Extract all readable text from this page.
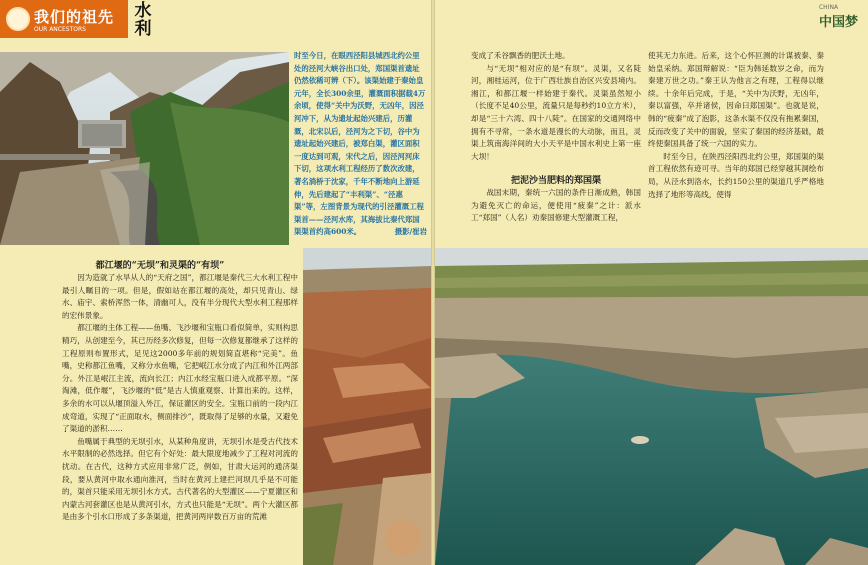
我们的祖先
OUR ANCESTORS
水利
时至今日，在眼西泾阳县城西北约公里处的泾河大峡谷出口处，郑国渠首遗址仍然依稀可辨（下）。该渠始建于秦始皇元年，全长300余里，灌溉面积据载4万余顷，使得“关中为沃野，无凶年，因泾河冲下，从为遗址起始兴建后，历灌溉，北宋以后，泾河为之下切，谷中为遗址起始兴建后，被郑白渠，灌区面积一度达到可观，宋代之后，因泾河河床下切，这项水利工程经历了数次改建，著名淌桥于沈家，千年不断地向上游延伸，先后建起了“丰利渠”、“泾惠渠”等，左图背景为现代的引泾灌溉工程渠首——泾河水库，其海拔比秦代郑国渠渠首约高600米。	摄影/崔岩
都江堰的“无坝”和灵渠的“有坝”

因为造就了水旱从人的“天府之国”，都江堰是秦代三大水利工程中最引人瞩目的一项。但是，假如站在都江堰的高处，却只见青山、绿水、庙宇、索桥浑然一体，清幽可人，没有半分现代大型水利工程那样的宏伟景象。

都江堰的主体工程——鱼嘴、飞沙堰和宝瓶口看似简单，实则构思精巧，从创建至今，其已历经多次修复，但每一次修复都继承了这样的工程原则布置形式，足见这2000多年前的规划简直堪称“完美”。鱼嘴，史称都江鱼嘴，又称分水鱼嘴，它把岷江水分成了内江和外江两部分。外江是岷江主流，流向长江；内江水经宝瓶口进入成都平原。“深淘滩，低作堰”，飞沙堰的“低”是古人慎重观察、计算出来的。这样，多余的水可以从堰顶溢入外江，保证灌区的安全。宝瓶口前的一段内江成弯道，实现了“正面取水，侧面排沙”，既取得了足够的水量，又避免了渠道的淤积……

鱼嘴属于典型的无坝引水，从某种角度讲，无坝引水是受古代技术水平限制的必然选择。但它有个好处：最大限度地减少了工程对河流的扰动。在古代，这种方式应用非常广泛，例如，甘肃大运河的通济渠段，要从黄河中取水通向淮河，当时在黄河上建拦河坝几乎是不可能的，渠首只能采用无坝引水方式。古代著名的大型灌区——宁夏灌区和内蒙古河套灌区也是从黄河引水，方式也只能是“无坝”。两个大灌区都是由多个引水口形成了多条渠道，把黄河两岸数百万亩的荒滩

CHINA
中国梦

变成了禾谷飘香的肥沃土地。

与“无坝”相对应的是“有坝”。灵渠，又名陡河，湘桂运河，位于广西壮族自治区兴安县境内。湘江，和都江堰一样始建于秦代。灵渠虽然短小（长度不足40公里，流量只是每秒约10立方米），却是“三十六湾、四十八陡”。在国家的交通网络中拥有不寻常，一条水道是漫长的大动脉，而且，灵渠上筑南海洋间的大小天平是中国水利史上第一座大坝！

把泥沙当肥料的郑国渠

战国末期，秦统一六国的条件日渐成熟，韩国为避免灭亡的命运，便使用“疲秦”之计：派水工“郑国”（人名）劝秦国修建大型灌溉工程，

使其无力东进。后来，这个心怀叵测的计谋被秦、秦始皇采纳。郑国辩解说：“臣为韩延数岁之命，而为秦建万世之功。”秦王认为他言之有理，工程得以继续。十余年后完成，于是，“关中为沃野，无凶年，秦以富强，卒并诸侯，因命曰郑国渠”。也就是说，韩的“疲秦”成了泡影，这条水渠不仅没有拖累秦国，反而改变了关中的面貌，坚实了秦国的经济基础，最终使秦国具备了统一六国的实力。

时至今日，在陕西泾阳西北约公里，郑国渠的渠首工程依然有迹可寻。当年的郑国已经穿越其洞绘布局，从泾水到洛水，长约150公里的渠道几乎严格地选择了地形等高线，使得
